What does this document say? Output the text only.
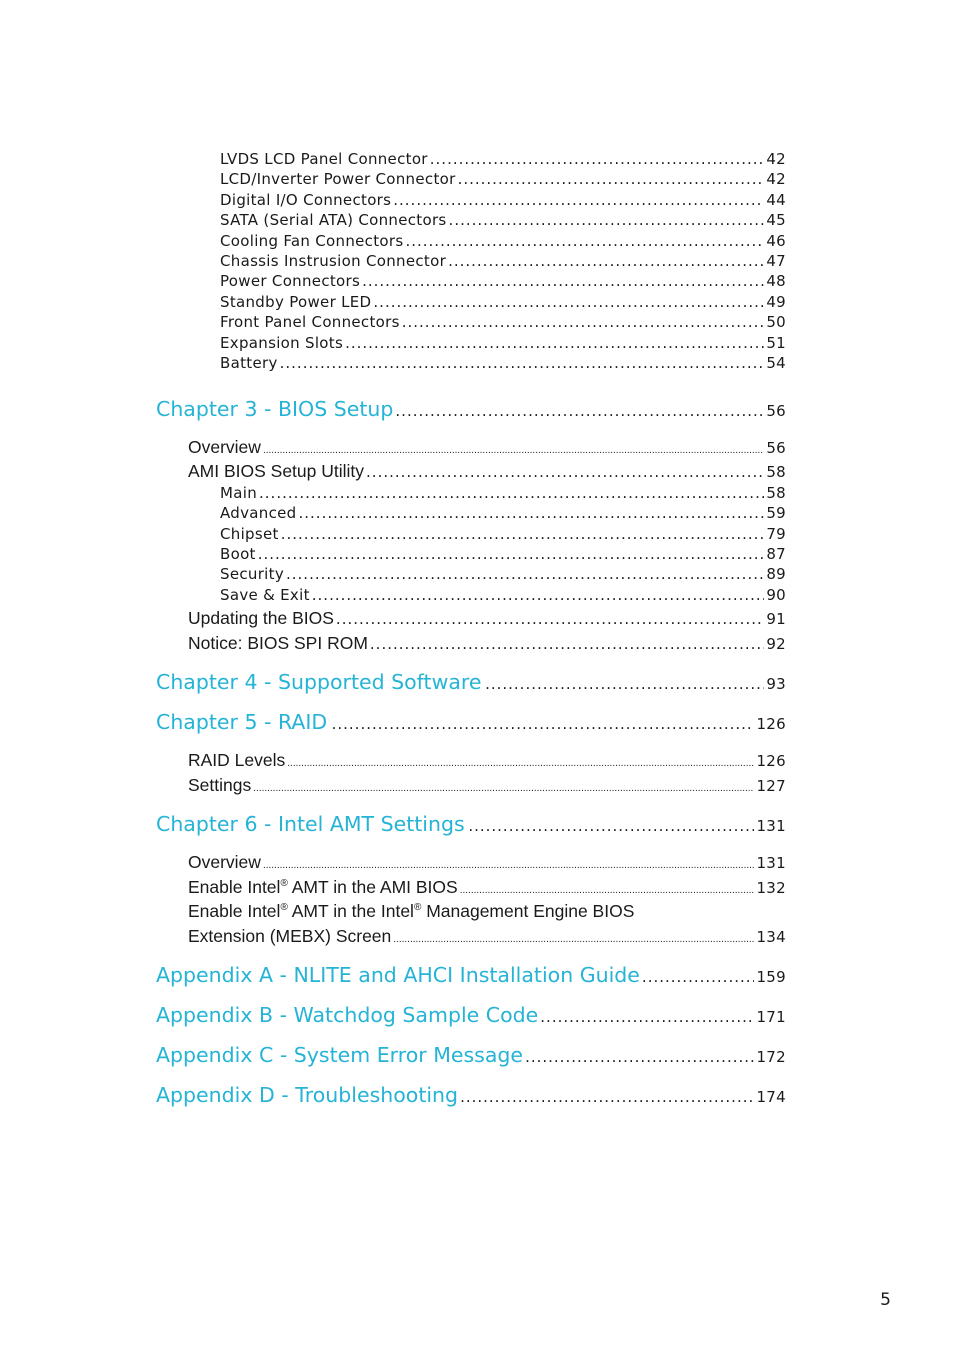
LVDS LCD Panel Connector .....	42
LCD/Inverter Power Connector .....	42
Digital I/O Connectors .....	44
SATA (Serial ATA) Connectors .....	45
Cooling Fan Connectors .....	46
Chassis Instrusion Connector .....	47
Power Connectors .....	48
Standby Power LED .....	49
Front Panel Connectors .....	50
Expansion Slots .....	51
Battery .....	54
Chapter 3 - BIOS Setup .....	56
Overview .....	56
AMI BIOS Setup Utility .....	58
Main .....	58
Advanced .....	59
Chipset .....	79
Boot .....	87
Security .....	89
Save & Exit .....	90
Updating the BIOS .....	91
Notice: BIOS SPI ROM .....	92
Chapter 4 - Supported Software .....	93
Chapter 5 - RAID .....	126
RAID Levels .....	126
Settings .....	127
Chapter 6 - Intel AMT Settings .....	131
Overview .....	131
Enable Intel® AMT in the AMI BIOS .....	132
Enable Intel® AMT in the Intel® Management Engine BIOS
Extension (MEBX) Screen .....	134
Appendix A - NLITE and AHCI Installation Guide .....	159
Appendix B - Watchdog Sample Code .....	171
Appendix C - System Error Message .....	172
Appendix D - Troubleshooting .....	174
5
